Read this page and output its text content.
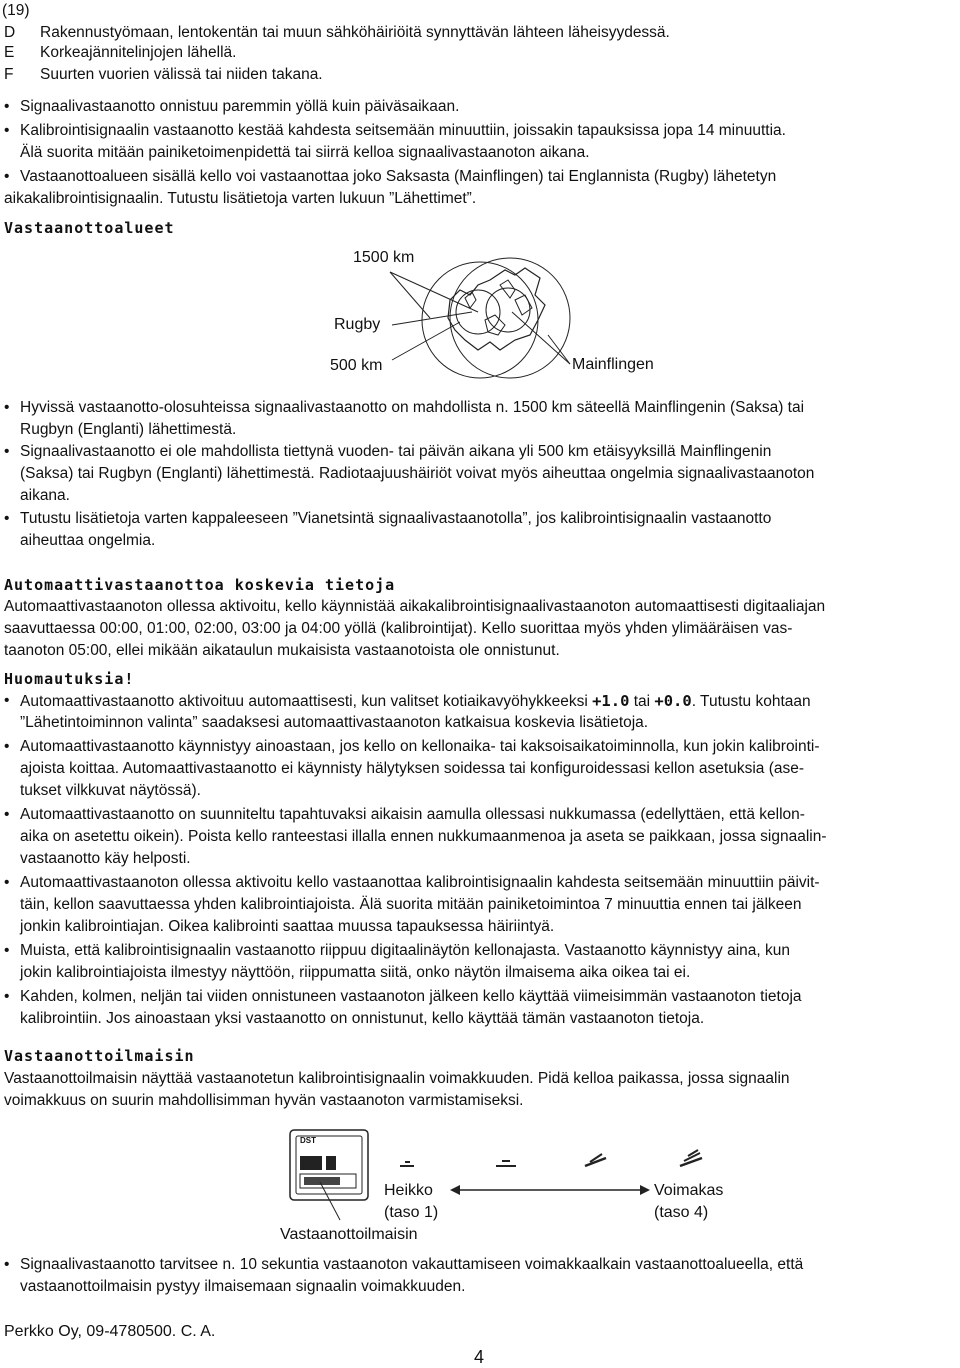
(19)
D Rakennustyömaan, lentokentän tai muun sähköhäiriöitä synnyttävän lähteen läheisyydessä.
E Korkeajännitelinjojen lähellä.
F Suurten vuorien välissä tai niiden takana.
• Signaalivastaanotto onnistuu paremmin yöllä kuin päiväsaikaan.
• Kalibrointisignaalin vastaanotto kestää kahdesta seitsemään minuuttiin, joissakin tapauksissa jopa 14 minuuttia.
Älä suorita mitään painiketoimenpidettä tai siirrä kelloa signaalivastaanoton aikana.
• Vastaanottoalueen sisällä kello voi vastaanottaa joko Saksasta (Mainflingen) tai Englannista (Rugby) lähetetyn
aikakalibrointisignaalin. Tutustu lisätietoja varten lukuun ”Lähettimet”.
Vastaanottoalueet
1500 km
Rugby
500 km	Mainflingen
• Hyvissä vastaanotto-olosuhteissa signaalivastaanotto on mahdollista n. 1500 km säteellä Mainflingenin (Saksa) tai
Rugbyn (Englanti) lähettimestä.
• Signaalivastaanotto ei ole mahdollista tiettynä vuoden- tai päivän aikana yli 500 km etäisyyksillä Mainflingenin
(Saksa) tai Rugbyn (Englanti) lähettimestä. Radiotaajuushäiriöt voivat myös aiheuttaa ongelmia signaalivastaanoton
aikana.
• Tutustu lisätietoja varten kappaleeseen ”Vianetsintä signaalivastaanotolla”, jos kalibrointisignaalin vastaanotto
aiheuttaa ongelmia.
Automaattivastaanottoa koskevia tietoja
Automaattivastaanoton ollessa aktivoitu, kello käynnistää aikakalibrointisignaalivastaanoton automaattisesti digitaaliajan
saavuttaessa 00:00, 01:00, 02:00, 03:00 ja 04:00 yöllä (kalibrointijat). Kello suorittaa myös yhden ylimääräisen vas-
taanoton 05:00, ellei mikään aikataulun mukaisista vastaanotoista ole onnistunut.
Huomautuksia!
• Automaattivastaanotto aktivoituu automaattisesti, kun valitset kotiaikavyöhykkeeksi +1.0 tai +0.0. Tutustu kohtaan
”Lähetintoiminnon valinta” saadaksesi automaattivastaanoton katkaisua koskevia lisätietoja.
• Automaattivastaanotto käynnistyy ainoastaan, jos kello on kellonaika- tai kaksoisaikatoiminnolla, kun jokin kalibrointi-
ajoista koittaa. Automaattivastaanotto ei käynnisty hälytyksen soidessa tai konfiguroidessasi kellon asetuksia (ase-
tukset vilkkuvat näytössä).
• Automaattivastaanotto on suunniteltu tapahtuvaksi aikaisin aamulla ollessasi nukkumassa (edellyttäen, että kellon-
aika on asetettu oikein). Poista kello ranteestasi illalla ennen nukkumaanmenoa ja aseta se paikkaan, jossa signaalin-
vastaanotto käy helposti.
• Automaattivastaanoton ollessa aktivoitu kello vastaanottaa kalibrointisignaalin kahdesta seitsemään minuuttiin päivit-
täin, kellon saavuttaessa yhden kalibrointiajoista. Älä suorita mitään painiketoimintoa 7 minuuttia ennen tai jälkeen
jonkin kalibrointiajan. Oikea kalibrointi saattaa muussa tapauksessa häiriintyä.
• Muista, että kalibrointisignaalin vastaanotto riippuu digitaalinäytön kellonajasta. Vastaanotto käynnistyy aina, kun
jokin kalibrointiajoista ilmestyy näyttöön, riippumatta siitä, onko näytön ilmaisema aika oikea tai ei.
• Kahden, kolmen, neljän tai viiden onnistuneen vastaanoton jälkeen kello käyttää viimeisimmän vastaanoton tietoja
kalibrointiin. Jos ainoastaan yksi vastaanotto on onnistunut, kello käyttää tämän vastaanoton tietoja.
Vastaanottoilmaisin
Vastaanottoilmaisin näyttää vastaanotetun kalibrointisignaalin voimakkuuden. Pidä kelloa paikassa, jossa signaalin
voimakkuus on suurin mahdollisimman hyvän vastaanoton varmistamiseksi.
Heikko
(taso 1)
Voimakas
(taso 4)
Vastaanottoilmaisin
DST
• Signaalivastaanotto tarvitsee n. 10 sekuntia vastaanoton vakauttamiseen voimakkaalkain vastaanottoalueella, että
vastaanottoilmaisin pystyy ilmaisemaan signaalin voimakkuuden.
Perkko Oy, 09-4780500. C. A.
4
